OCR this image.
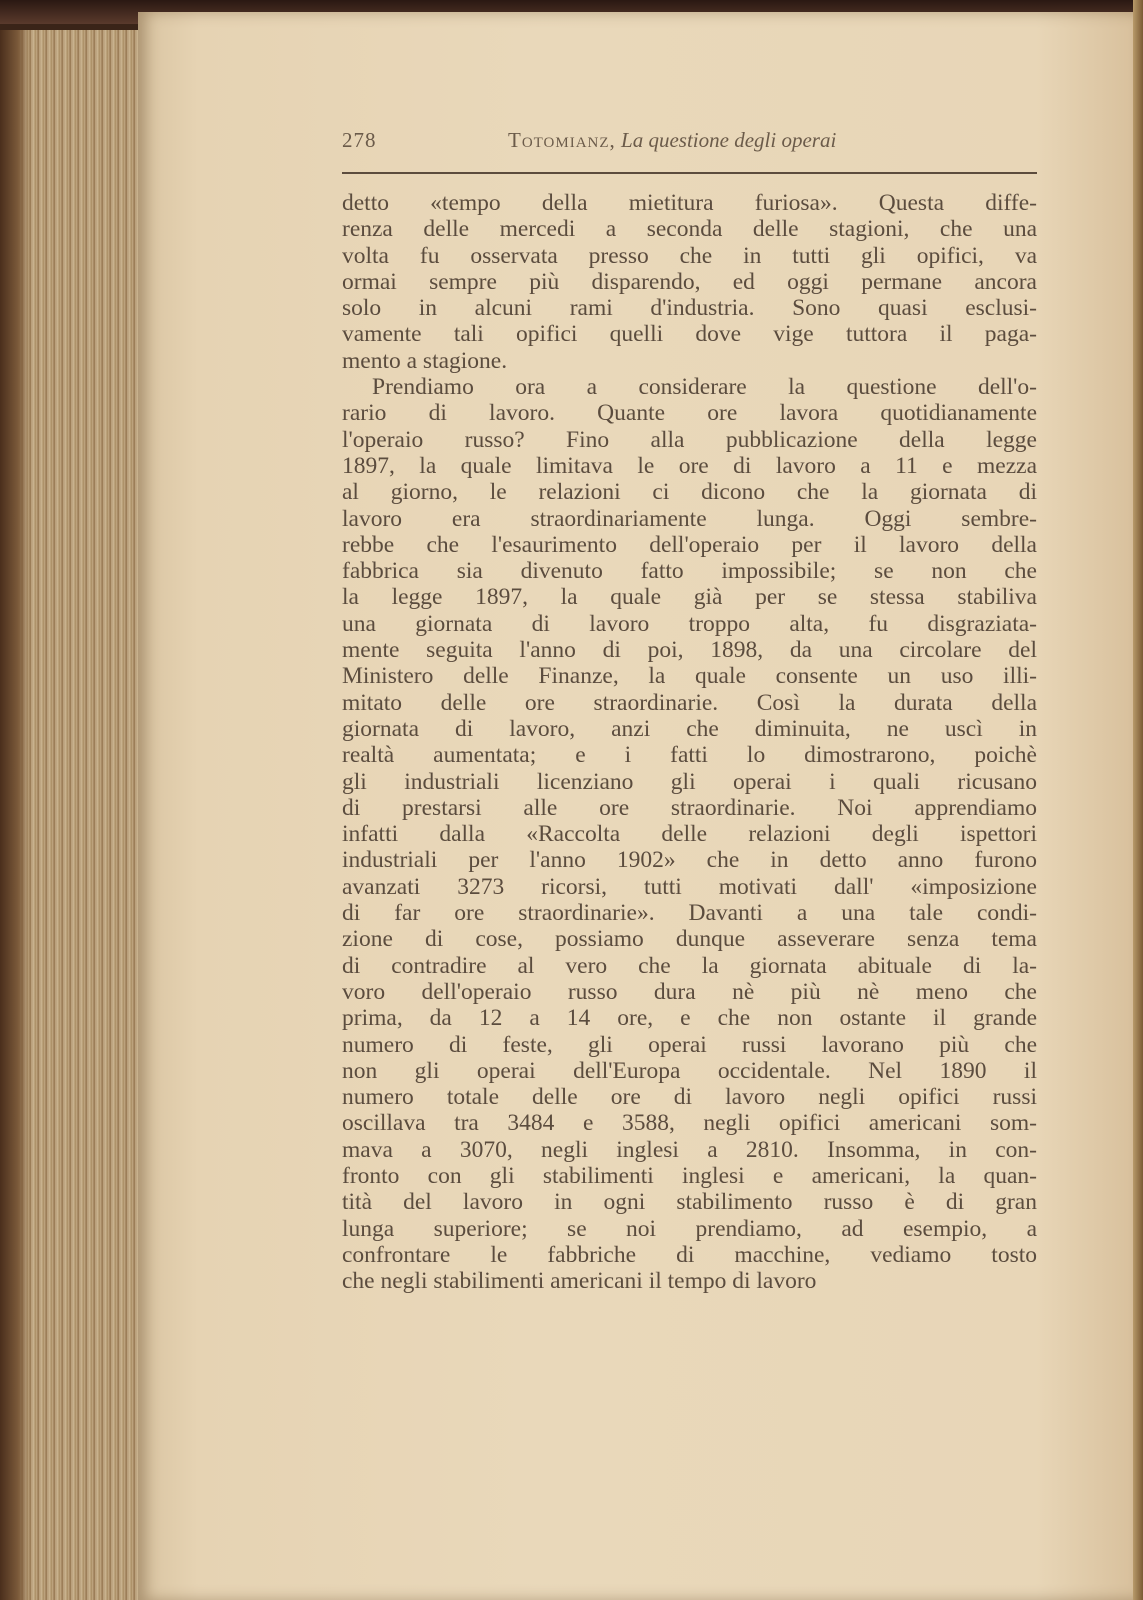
278	Totomianz, La questione degli operai
detto «tempo della mietitura furiosa». Questa diffe-
renza delle mercedi a seconda delle stagioni, che una
volta fu osservata presso che in tutti gli opifici, va
ormai sempre più disparendo, ed oggi permane ancora
solo in alcuni rami d'industria. Sono quasi esclusi-
vamente tali opifici quelli dove vige tuttora il paga-
mento a stagione.
Prendiamo ora a considerare la questione dell'o-
rario di lavoro. Quante ore lavora quotidianamente
l'operaio russo? Fino alla pubblicazione della legge
1897, la quale limitava le ore di lavoro a 11 e mezza
al giorno, le relazioni ci dicono che la giornata di
lavoro era straordinariamente lunga. Oggi sembre-
rebbe che l'esaurimento dell'operaio per il lavoro della
fabbrica sia divenuto fatto impossibile; se non che
la legge 1897, la quale già per se stessa stabiliva
una giornata di lavoro troppo alta, fu disgraziata-
mente seguita l'anno di poi, 1898, da una circolare del
Ministero delle Finanze, la quale consente un uso illi-
mitato delle ore straordinarie. Così la durata della
giornata di lavoro, anzi che diminuita, ne uscì in
realtà aumentata; e i fatti lo dimostrarono, poichè
gli industriali licenziano gli operai i quali ricusano
di prestarsi alle ore straordinarie. Noi apprendiamo
infatti dalla «Raccolta delle relazioni degli ispettori
industriali per l'anno 1902» che in detto anno furono
avanzati 3273 ricorsi, tutti motivati dall' «imposizione
di far ore straordinarie». Davanti a una tale condi-
zione di cose, possiamo dunque asseverare senza tema
di contradire al vero che la giornata abituale di la-
voro dell'operaio russo dura nè più nè meno che
prima, da 12 a 14 ore, e che non ostante il grande
numero di feste, gli operai russi lavorano più che
non gli operai dell'Europa occidentale. Nel 1890 il
numero totale delle ore di lavoro negli opifici russi
oscillava tra 3484 e 3588, negli opifici americani som-
mava a 3070, negli inglesi a 2810. Insomma, in con-
fronto con gli stabilimenti inglesi e americani, la quan-
tità del lavoro in ogni stabilimento russo è di gran
lunga superiore; se noi prendiamo, ad esempio, a
confrontare le fabbriche di macchine, vediamo tosto
che negli stabilimenti americani il tempo di lavoro
